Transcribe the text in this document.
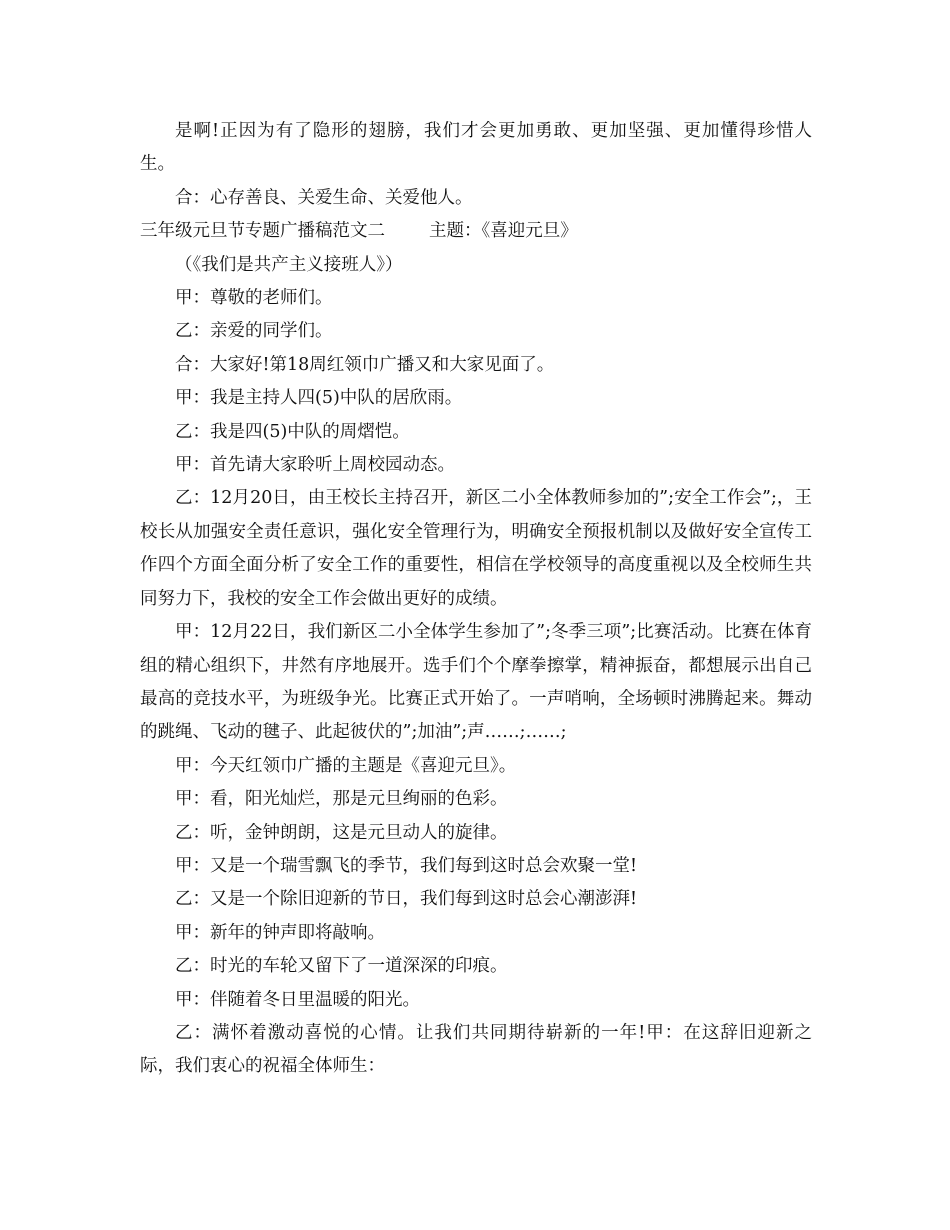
是啊!正因为有了隐形的翅膀，我们才会更加勇敢、更加坚强、更加懂得珍惜人生。

合：心存善良、关爱生命、关爱他人。

三年级元旦节专题广播稿范文二	主题：《喜迎元旦》

（《我们是共产主义接班人》）

甲：尊敬的老师们。

乙：亲爱的同学们。

合：大家好!第18周红领巾广播又和大家见面了。

甲：我是主持人四(5)中队的居欣雨。

乙：我是四(5)中队的周熠恺。

甲：首先请大家聆听上周校园动态。

乙：12月20日，由王校长主持召开，新区二小全体教师参加的”;安全工作会”;，王校长从加强安全责任意识，强化安全管理行为，明确安全预报机制以及做好安全宣传工作四个方面全面分析了安全工作的重要性，相信在学校领导的高度重视以及全校师生共同努力下，我校的安全工作会做出更好的成绩。

甲：12月22日，我们新区二小全体学生参加了”;冬季三项”;比赛活动。比赛在体育组的精心组织下，井然有序地展开。选手们个个摩拳擦掌，精神振奋，都想展示出自己最高的竞技水平，为班级争光。比赛正式开始了。一声哨响，全场顿时沸腾起来。舞动的跳绳、飞动的毽子、此起彼伏的”;加油”;声……;……;

甲：今天红领巾广播的主题是《喜迎元旦》。

甲：看，阳光灿烂，那是元旦绚丽的色彩。

乙：听，金钟朗朗，这是元旦动人的旋律。

甲：又是一个瑞雪飘飞的季节，我们每到这时总会欢聚一堂!

乙：又是一个除旧迎新的节日，我们每到这时总会心潮澎湃!

甲：新年的钟声即将敲响。

乙：时光的车轮又留下了一道深深的印痕。

甲：伴随着冬日里温暖的阳光。

乙：满怀着激动喜悦的心情。让我们共同期待崭新的一年!甲：在这辞旧迎新之际，我们衷心的祝福全体师生：
